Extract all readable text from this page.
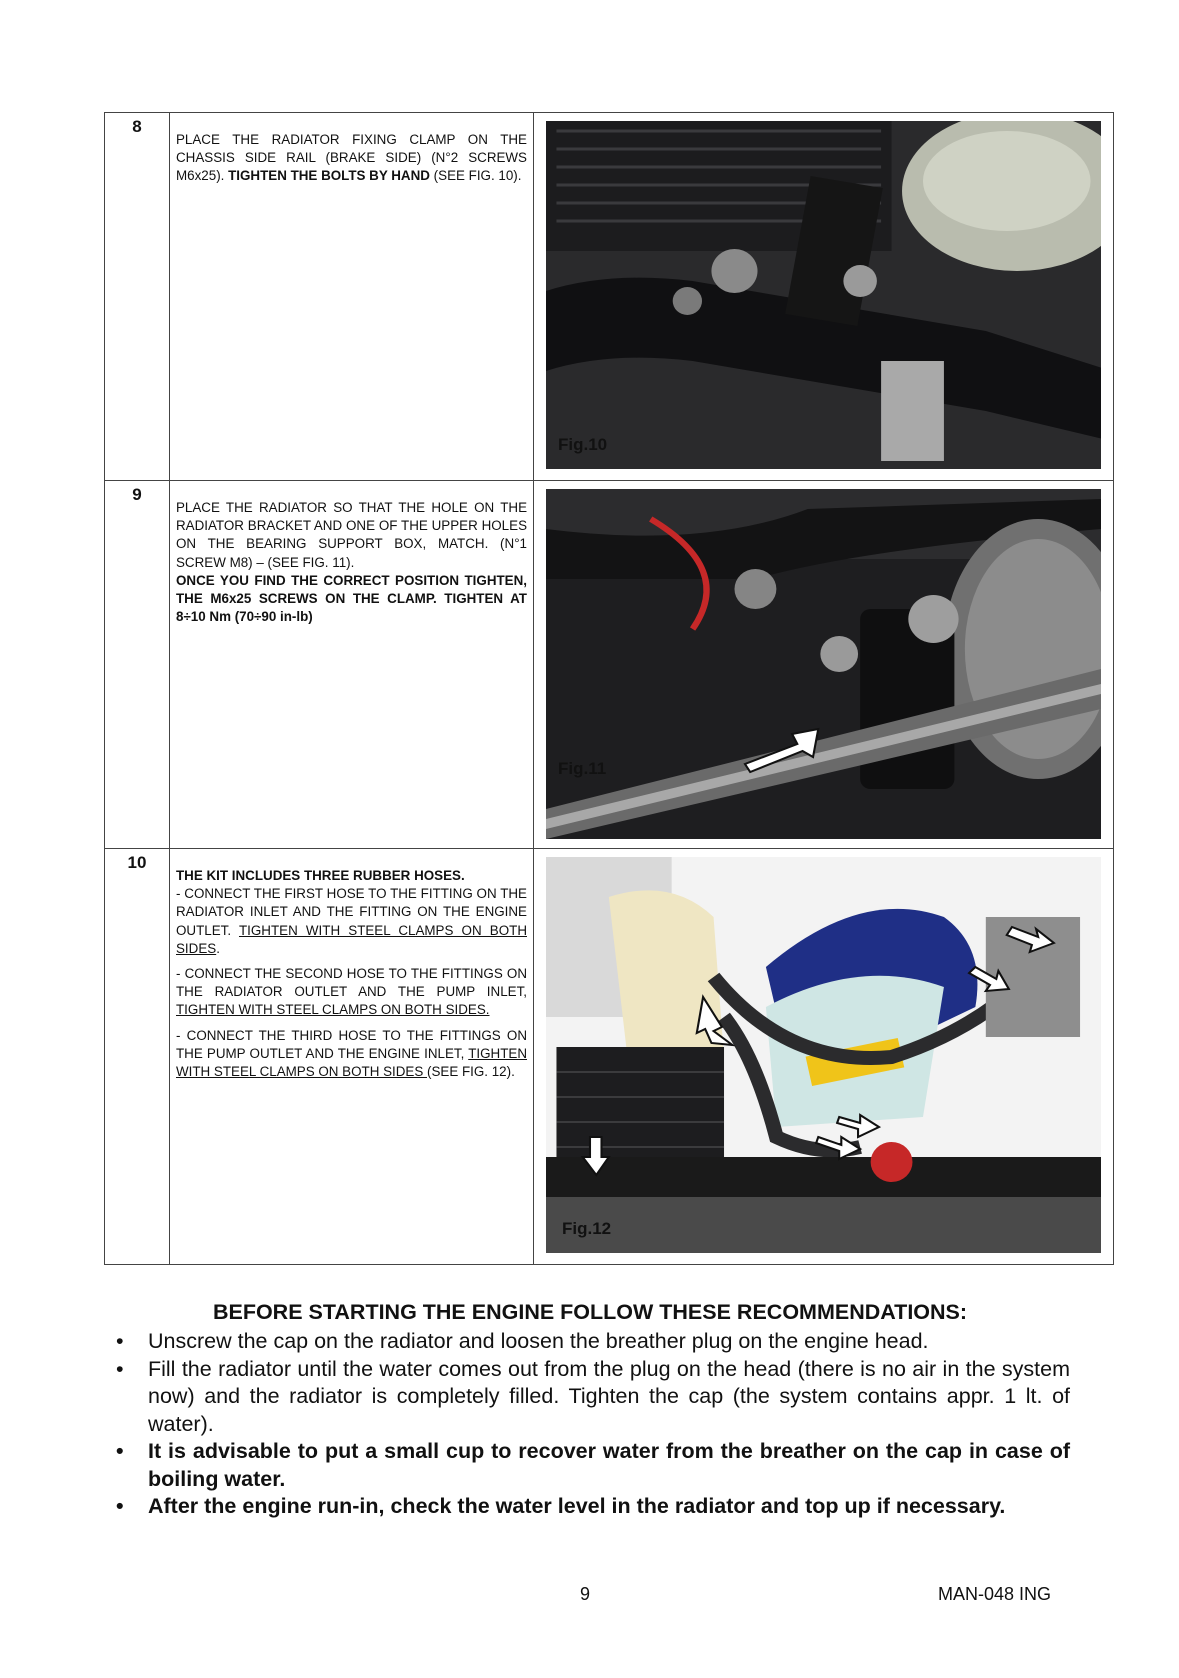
8	PLACE THE RADIATOR FIXING CLAMP ON THE CHASSIS SIDE RAIL (BRAKE SIDE) (N°2 SCREWS M6x25). TIGHTEN THE BOLTS BY HAND (SEE FIG. 10).	Fig.10

9	PLACE THE RADIATOR SO THAT THE HOLE ON THE RADIATOR BRACKET AND ONE OF THE UPPER HOLES ON THE BEARING SUPPORT BOX, MATCH. (N°1 SCREW M8) – (SEE FIG. 11).

ONCE YOU FIND THE CORRECT POSITION TIGHTEN, THE M6x25 SCREWS ON THE CLAMP. TIGHTEN AT 8÷10 Nm (70÷90 in-lb)	Fig.11

10	THE KIT INCLUDES THREE RUBBER HOSES.

- CONNECT THE FIRST HOSE TO THE FITTING ON THE RADIATOR INLET AND THE FITTING ON THE ENGINE OUTLET. TIGHTEN WITH STEEL CLAMPS ON BOTH SIDES.

- CONNECT THE SECOND HOSE TO THE FITTINGS ON THE RADIATOR OUTLET AND THE PUMP INLET, TIGHTEN WITH STEEL CLAMPS ON BOTH SIDES.

- CONNECT THE THIRD HOSE TO THE FITTINGS ON THE PUMP OUTLET AND THE ENGINE INLET, TIGHTEN WITH STEEL CLAMPS ON BOTH SIDES (SEE FIG. 12).	Fig.12
BEFORE STARTING THE ENGINE FOLLOW THESE RECOMMENDATIONS:
• Unscrew the cap on the radiator and loosen the breather plug on the engine head.
• Fill the radiator until the water comes out from the plug on the head (there is no air in the system now) and the radiator is completely filled. Tighten the cap (the system contains appr. 1 lt. of water).
• It is advisable to put a small cup to recover water from the breather on the cap in case of boiling water.
• After the engine run-in, check the water level in the radiator and top up if necessary.
9	MAN-048 ING
